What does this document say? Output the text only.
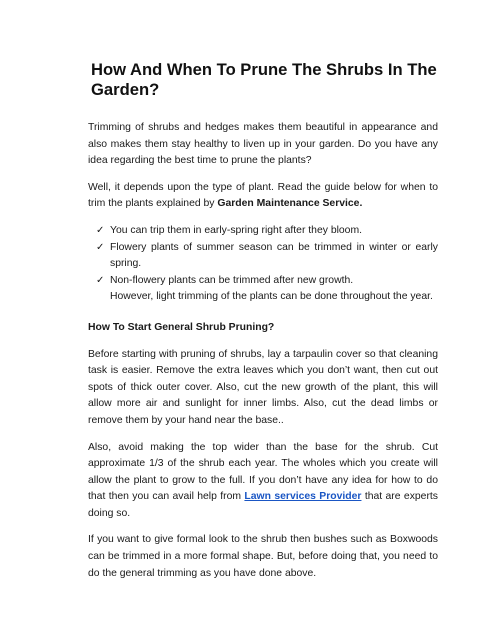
How And When To Prune The Shrubs In The Garden?

Trimming of shrubs and hedges makes them beautiful in appearance and also makes them stay healthy to liven up in your garden. Do you have any idea regarding the best time to prune the plants?

Well, it depends upon the type of plant. Read the guide below for when to trim the plants explained by Garden Maintenance Service.

✓ You can trip them in early-spring right after they bloom.
✓ Flowery plants of summer season can be trimmed in winter or early spring.
✓ Non-flowery plants can be trimmed after new growth.
However, light trimming of the plants can be done throughout the year.
How To Start General Shrub Pruning?

Before starting with pruning of shrubs, lay a tarpaulin cover so that cleaning task is easier. Remove the extra leaves which you don’t want, then cut out spots of thick outer cover. Also, cut the new growth of the plant, this will allow more air and sunlight for inner limbs. Also, cut the dead limbs or remove them by your hand near the base..

Also, avoid making the top wider than the base for the shrub. Cut approximate 1/3 of the shrub each year. The wholes which you create will allow the plant to grow to the full. If you don’t have any idea for how to do that then you can avail help from Lawn services Provider that are experts doing so.

If you want to give formal look to the shrub then bushes such as Boxwoods can be trimmed in a more formal shape. But, before doing that, you need to do the general trimming as you have done above.
